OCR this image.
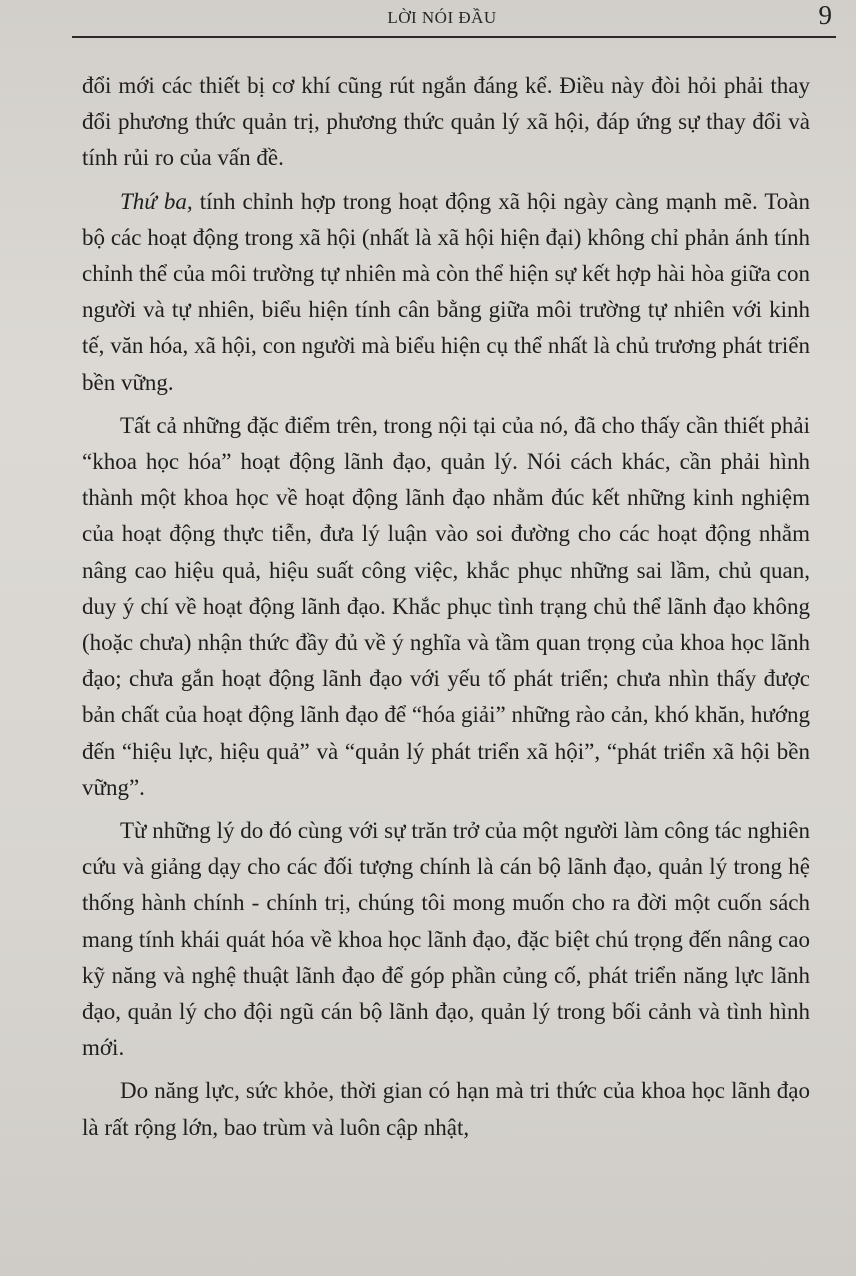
LỜI NÓI ĐẦU	9

đổi mới các thiết bị cơ khí cũng rút ngắn đáng kể. Điều này đòi hỏi phải thay đổi phương thức quản trị, phương thức quản lý xã hội, đáp ứng sự thay đổi và tính rủi ro của vấn đề.

Thứ ba, tính chỉnh hợp trong hoạt động xã hội ngày càng mạnh mẽ. Toàn bộ các hoạt động trong xã hội (nhất là xã hội hiện đại) không chỉ phản ánh tính chỉnh thể của môi trường tự nhiên mà còn thể hiện sự kết hợp hài hòa giữa con người và tự nhiên, biểu hiện tính cân bằng giữa môi trường tự nhiên với kinh tế, văn hóa, xã hội, con người mà biểu hiện cụ thể nhất là chủ trương phát triển bền vững.

Tất cả những đặc điểm trên, trong nội tại của nó, đã cho thấy cần thiết phải “khoa học hóa” hoạt động lãnh đạo, quản lý. Nói cách khác, cần phải hình thành một khoa học về hoạt động lãnh đạo nhằm đúc kết những kinh nghiệm của hoạt động thực tiễn, đưa lý luận vào soi đường cho các hoạt động nhằm nâng cao hiệu quả, hiệu suất công việc, khắc phục những sai lầm, chủ quan, duy ý chí về hoạt động lãnh đạo. Khắc phục tình trạng chủ thể lãnh đạo không (hoặc chưa) nhận thức đầy đủ về ý nghĩa và tầm quan trọng của khoa học lãnh đạo; chưa gắn hoạt động lãnh đạo với yếu tố phát triển; chưa nhìn thấy được bản chất của hoạt động lãnh đạo để “hóa giải” những rào cản, khó khăn, hướng đến “hiệu lực, hiệu quả” và “quản lý phát triển xã hội”, “phát triển xã hội bền vững”.

Từ những lý do đó cùng với sự trăn trở của một người làm công tác nghiên cứu và giảng dạy cho các đối tượng chính là cán bộ lãnh đạo, quản lý trong hệ thống hành chính - chính trị, chúng tôi mong muốn cho ra đời một cuốn sách mang tính khái quát hóa về khoa học lãnh đạo, đặc biệt chú trọng đến nâng cao kỹ năng và nghệ thuật lãnh đạo để góp phần củng cố, phát triển năng lực lãnh đạo, quản lý cho đội ngũ cán bộ lãnh đạo, quản lý trong bối cảnh và tình hình mới.

Do năng lực, sức khỏe, thời gian có hạn mà tri thức của khoa học lãnh đạo là rất rộng lớn, bao trùm và luôn cập nhật,
